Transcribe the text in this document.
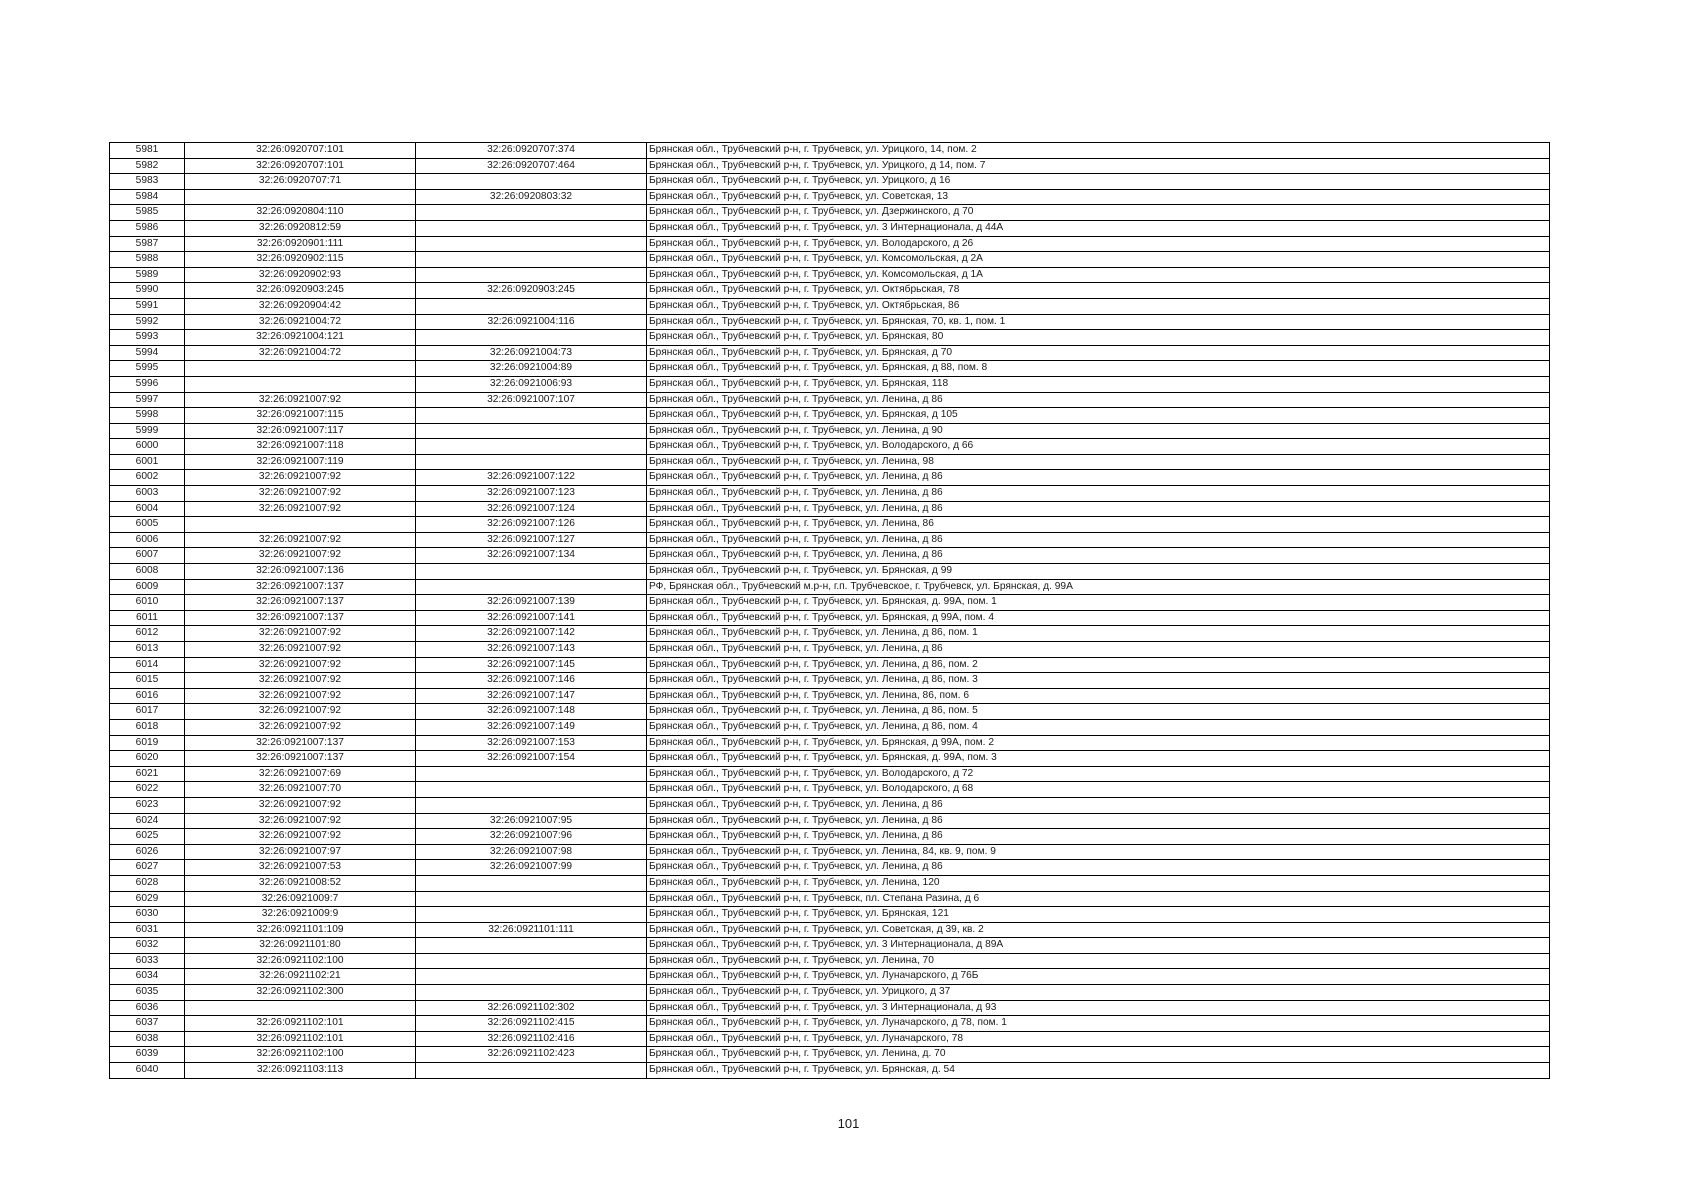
5981	32:26:0920707:101	32:26:0920707:374	Брянская обл., Трубчевский р-н, г. Трубчевск, ул. Урицкого, 14, пом. 2
5982	32:26:0920707:101	32:26:0920707:464	Брянская обл., Трубчевский р-н, г. Трубчевск, ул. Урицкого, д 14, пом. 7
5983	32:26:0920707:71		Брянская обл., Трубчевский р-н, г. Трубчевск, ул. Урицкого, д 16
5984		32:26:0920803:32	Брянская обл., Трубчевский р-н, г. Трубчевск, ул. Советская, 13
5985	32:26:0920804:110		Брянская обл., Трубчевский р-н, г. Трубчевск, ул. Дзержинского, д 70
5986	32:26:0920812:59		Брянская обл., Трубчевский р-н, г. Трубчевск, ул. 3 Интернационала, д 44А
5987	32:26:0920901:111		Брянская обл., Трубчевский р-н, г. Трубчевск, ул. Володарского, д 26
5988	32:26:0920902:115		Брянская обл., Трубчевский р-н, г. Трубчевск, ул. Комсомольская, д 2А
5989	32:26:0920902:93		Брянская обл., Трубчевский р-н, г. Трубчевск, ул. Комсомольская, д 1А
5990	32:26:0920903:245	32:26:0920903:245	Брянская обл., Трубчевский р-н, г. Трубчевск, ул. Октябрьская, 78
5991	32:26:0920904:42		Брянская обл., Трубчевский р-н, г. Трубчевск, ул. Октябрьская, 86
5992	32:26:0921004:72	32:26:0921004:116	Брянская обл., Трубчевский р-н, г. Трубчевск, ул. Брянская, 70, кв. 1, пом. 1
5993	32:26:0921004:121		Брянская обл., Трубчевский р-н, г. Трубчевск, ул. Брянская, 80
5994	32:26:0921004:72	32:26:0921004:73	Брянская обл., Трубчевский р-н, г. Трубчевск, ул. Брянская, д 70
5995		32:26:0921004:89	Брянская обл., Трубчевский р-н, г. Трубчевск, ул. Брянская, д 88, пом. 8
5996		32:26:0921006:93	Брянская обл., Трубчевский р-н, г. Трубчевск, ул. Брянская, 118
5997	32:26:0921007:92	32:26:0921007:107	Брянская обл., Трубчевский р-н, г. Трубчевск, ул. Ленина, д 86
5998	32:26:0921007:115		Брянская обл., Трубчевский р-н, г. Трубчевск, ул. Брянская, д 105
5999	32:26:0921007:117		Брянская обл., Трубчевский р-н, г. Трубчевск, ул. Ленина, д 90
6000	32:26:0921007:118		Брянская обл., Трубчевский р-н, г. Трубчевск, ул. Володарского, д 66
6001	32:26:0921007:119		Брянская обл., Трубчевский р-н, г. Трубчевск, ул. Ленина, 98
6002	32:26:0921007:92	32:26:0921007:122	Брянская обл., Трубчевский р-н, г. Трубчевск, ул. Ленина, д 86
6003	32:26:0921007:92	32:26:0921007:123	Брянская обл., Трубчевский р-н, г. Трубчевск, ул. Ленина, д 86
6004	32:26:0921007:92	32:26:0921007:124	Брянская обл., Трубчевский р-н, г. Трубчевск, ул. Ленина, д 86
6005		32:26:0921007:126	Брянская обл., Трубчевский р-н, г. Трубчевск, ул. Ленина, 86
6006	32:26:0921007:92	32:26:0921007:127	Брянская обл., Трубчевский р-н, г. Трубчевск, ул. Ленина, д 86
6007	32:26:0921007:92	32:26:0921007:134	Брянская обл., Трубчевский р-н, г. Трубчевск, ул. Ленина, д 86
6008	32:26:0921007:136		Брянская обл., Трубчевский р-н, г. Трубчевск, ул. Брянская, д 99
6009	32:26:0921007:137		РФ, Брянская обл., Трубчевский м.р-н, г.п. Трубчевское, г. Трубчевск, ул. Брянская, д. 99А
6010	32:26:0921007:137	32:26:0921007:139	Брянская обл., Трубчевский р-н, г. Трубчевск, ул. Брянская, д. 99А, пом. 1
6011	32:26:0921007:137	32:26:0921007:141	Брянская обл., Трубчевский р-н, г. Трубчевск, ул. Брянская, д 99А, пом. 4
6012	32:26:0921007:92	32:26:0921007:142	Брянская обл., Трубчевский р-н, г. Трубчевск, ул. Ленина, д 86, пом. 1
6013	32:26:0921007:92	32:26:0921007:143	Брянская обл., Трубчевский р-н, г. Трубчевск, ул. Ленина, д 86
6014	32:26:0921007:92	32:26:0921007:145	Брянская обл., Трубчевский р-н, г. Трубчевск, ул. Ленина, д 86, пом. 2
6015	32:26:0921007:92	32:26:0921007:146	Брянская обл., Трубчевский р-н, г. Трубчевск, ул. Ленина, д 86, пом. 3
6016	32:26:0921007:92	32:26:0921007:147	Брянская обл., Трубчевский р-н, г. Трубчевск, ул. Ленина, 86, пом. 6
6017	32:26:0921007:92	32:26:0921007:148	Брянская обл., Трубчевский р-н, г. Трубчевск, ул. Ленина, д 86, пом. 5
6018	32:26:0921007:92	32:26:0921007:149	Брянская обл., Трубчевский р-н, г. Трубчевск, ул. Ленина, д 86, пом. 4
6019	32:26:0921007:137	32:26:0921007:153	Брянская обл., Трубчевский р-н, г. Трубчевск, ул. Брянская, д 99А, пом. 2
6020	32:26:0921007:137	32:26:0921007:154	Брянская обл., Трубчевский р-н, г. Трубчевск, ул. Брянская, д. 99А, пом. 3
6021	32:26:0921007:69		Брянская обл., Трубчевский р-н, г. Трубчевск, ул. Володарского, д 72
6022	32:26:0921007:70		Брянская обл., Трубчевский р-н, г. Трубчевск, ул. Володарского, д 68
6023	32:26:0921007:92		Брянская обл., Трубчевский р-н, г. Трубчевск, ул. Ленина, д 86
6024	32:26:0921007:92	32:26:0921007:95	Брянская обл., Трубчевский р-н, г. Трубчевск, ул. Ленина, д 86
6025	32:26:0921007:92	32:26:0921007:96	Брянская обл., Трубчевский р-н, г. Трубчевск, ул. Ленина, д 86
6026	32:26:0921007:97	32:26:0921007:98	Брянская обл., Трубчевский р-н, г. Трубчевск, ул. Ленина, 84, кв. 9, пом. 9
6027	32:26:0921007:53	32:26:0921007:99	Брянская обл., Трубчевский р-н, г. Трубчевск, ул. Ленина, д 86
6028	32:26:0921008:52		Брянская обл., Трубчевский р-н, г. Трубчевск, ул. Ленина, 120
6029	32:26:0921009:7		Брянская обл., Трубчевский р-н, г. Трубчевск, пл. Степана Разина, д 6
6030	32:26:0921009:9		Брянская обл., Трубчевский р-н, г. Трубчевск, ул. Брянская, 121
6031	32:26:0921101:109	32:26:0921101:111	Брянская обл., Трубчевский р-н, г. Трубчевск, ул. Советская, д 39, кв. 2
6032	32:26:0921101:80		Брянская обл., Трубчевский р-н, г. Трубчевск, ул. 3 Интернационала, д 89А
6033	32:26:0921102:100		Брянская обл., Трубчевский р-н, г. Трубчевск, ул. Ленина, 70
6034	32:26:0921102:21		Брянская обл., Трубчевский р-н, г. Трубчевск, ул. Луначарского, д 76Б
6035	32:26:0921102:300		Брянская обл., Трубчевский р-н, г. Трубчевск, ул. Урицкого, д 37
6036		32:26:0921102:302	Брянская обл., Трубчевский р-н, г. Трубчевск, ул. 3 Интернационала, д 93
6037	32:26:0921102:101	32:26:0921102:415	Брянская обл., Трубчевский р-н, г. Трубчевск, ул. Луначарского, д 78, пом. 1
6038	32:26:0921102:101	32:26:0921102:416	Брянская обл., Трубчевский р-н, г. Трубчевск, ул. Луначарского, 78
6039	32:26:0921102:100	32:26:0921102:423	Брянская обл., Трубчевский р-н, г. Трубчевск, ул. Ленина, д. 70
6040	32:26:0921103:113		Брянская обл., Трубчевский р-н, г. Трубчевск, ул. Брянская, д. 54
101
